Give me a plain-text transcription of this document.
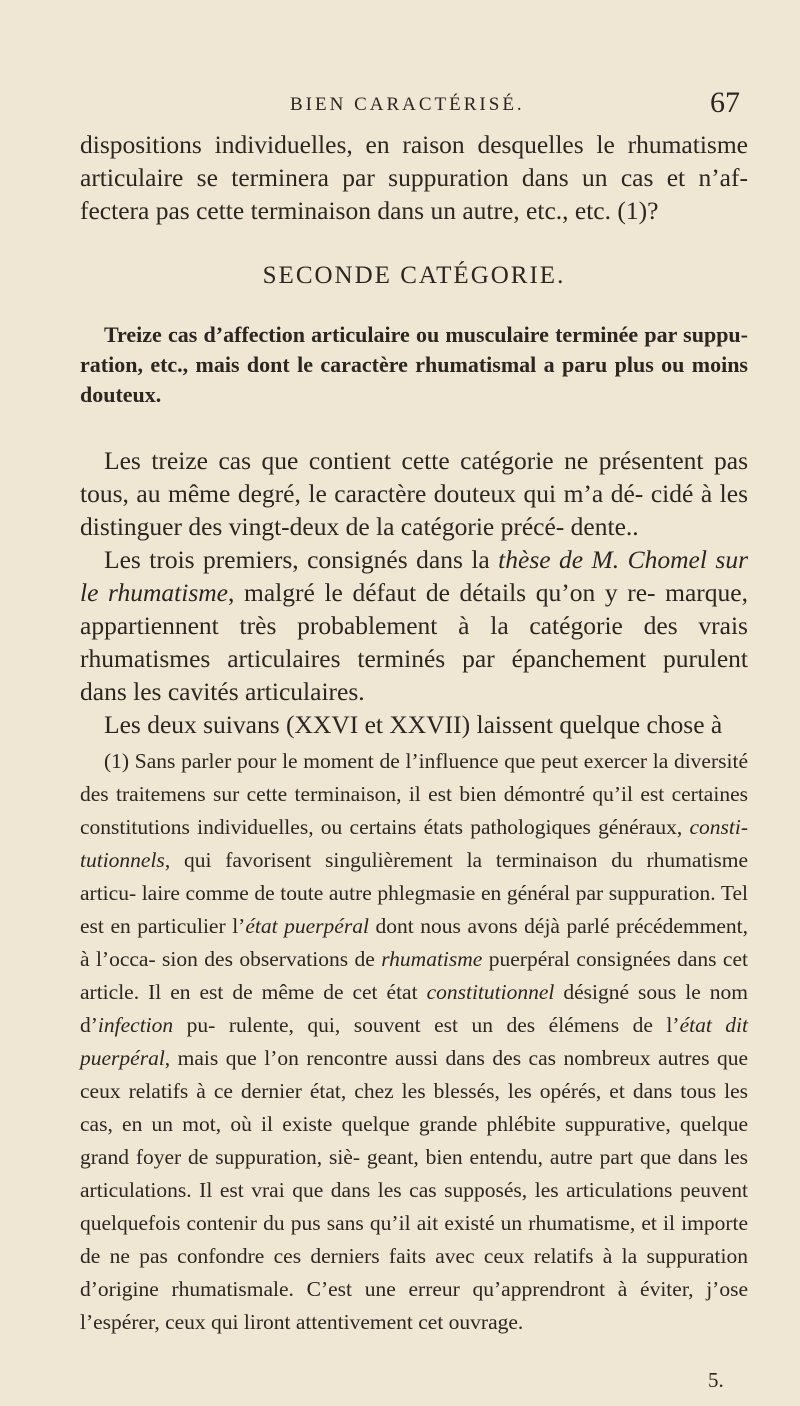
BIEN CARACTÉRISÉ.	67

dispositions individuelles, en raison desquelles le rhumatisme articulaire se terminera par suppuration dans un cas et n’af- fectera pas cette terminaison dans un autre, etc., etc. (1)?

SECONDE CATÉGORIE.

Treize cas d’affection articulaire ou musculaire terminée par suppu- ration, etc., mais dont le caractère rhumatismal a paru plus ou moins douteux.

Les treize cas que contient cette catégorie ne présentent pas tous, au même degré, le caractère douteux qui m’a dé- cidé à les distinguer des vingt-deux de la catégorie précé- dente..

Les trois premiers, consignés dans la thèse de M. Chomel sur le rhumatisme, malgré le défaut de détails qu’on y re- marque, appartiennent très probablement à la catégorie des vrais rhumatismes articulaires terminés par épanchement purulent dans les cavités articulaires.

Les deux suivans (XXVI et XXVII) laissent quelque chose à

(1) Sans parler pour le moment de l’influence que peut exercer la diversité des traitemens sur cette terminaison, il est bien démontré qu’il est certaines constitutions individuelles, ou certains états pathologiques généraux, consti- tutionnels, qui favorisent singulièrement la terminaison du rhumatisme articu- laire comme de toute autre phlegmasie en général par suppuration. Tel est en particulier l’état puerpéral dont nous avons déjà parlé précédemment, à l’occa- sion des observations de rhumatisme puerpéral consignées dans cet article. Il en est de même de cet état constitutionnel désigné sous le nom d’infection pu- rulente, qui, souvent est un des élémens de l’état dit puerpéral, mais que l’on rencontre aussi dans des cas nombreux autres que ceux relatifs à ce dernier état, chez les blessés, les opérés, et dans tous les cas, en un mot, où il existe quelque grande phlébite suppurative, quelque grand foyer de suppuration, siè- geant, bien entendu, autre part que dans les articulations. Il est vrai que dans les cas supposés, les articulations peuvent quelquefois contenir du pus sans qu’il ait existé un rhumatisme, et il importe de ne pas confondre ces derniers faits avec ceux relatifs à la suppuration d’origine rhumatismale. C’est une erreur qu’apprendront à éviter, j’ose l’espérer, ceux qui liront attentivement cet ouvrage.

5.
